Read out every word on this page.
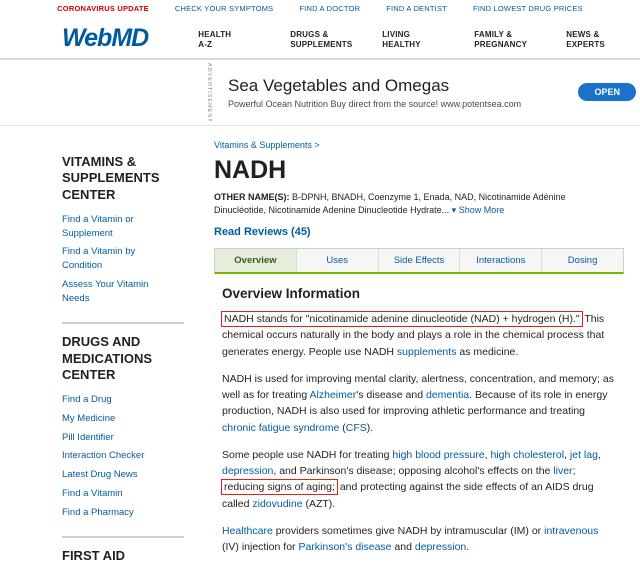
CORONAVIRUS UPDATE	CHECK YOUR SYMPTOMS	FIND A DOCTOR	FIND A DENTIST	FIND LOWEST DRUG PRICES
WebMD	HEALTH
A-Z
DRUGS &
SUPPLEMENTS
LIVING
HEALTHY
FAMILY &
PREGNANCY
NEWS &
EXPERTS
ADVERTISEMENT Sea Vegetables and Omegas
Powerful Ocean Nutrition Buy direct from the source! www.potentsea.com
OPEN
VITAMINS & SUPPLEMENTS CENTER
Find a Vitamin or Supplement
Find a Vitamin by Condition
Assess Your Vitamin Needs
DRUGS AND MEDICATIONS CENTER
Find a Drug
My Medicine
Pill Identifier
Interaction Checker
Latest Drug News
Find a Vitamin
Find a Pharmacy
FIRST AID
Vitamins & Supplements >
NADH
OTHER NAME(S): B-DPNH, BNADH, Coenzyme 1, Enada, NAD, Nicotinamide Adénine Dinucléotide, Nicotinamide Adenine Dinucleotide Hydrate... ▾ Show More
Read Reviews (45)
Overview	Uses	Side Effects	Interactions	Dosing
Overview Information

NADH stands for "nicotinamide adenine dinucleotide (NAD) + hydrogen (H)." This chemical occurs naturally in the body and plays a role in the chemical process that generates energy. People use NADH supplements as medicine.

NADH is used for improving mental clarity, alertness, concentration, and memory; as well as for treating Alzheimer's disease and dementia. Because of its role in energy production, NADH is also used for improving athletic performance and treating chronic fatigue syndrome (CFS).

Some people use NADH for treating high blood pressure, high cholesterol, jet lag, depression, and Parkinson's disease; opposing alcohol's effects on the liver; reducing signs of aging; and protecting against the side effects of an AIDS drug called zidovudine (AZT).

Healthcare providers sometimes give NADH by intramuscular (IM) or intravenous (IV) injection for Parkinson's disease and depression.
